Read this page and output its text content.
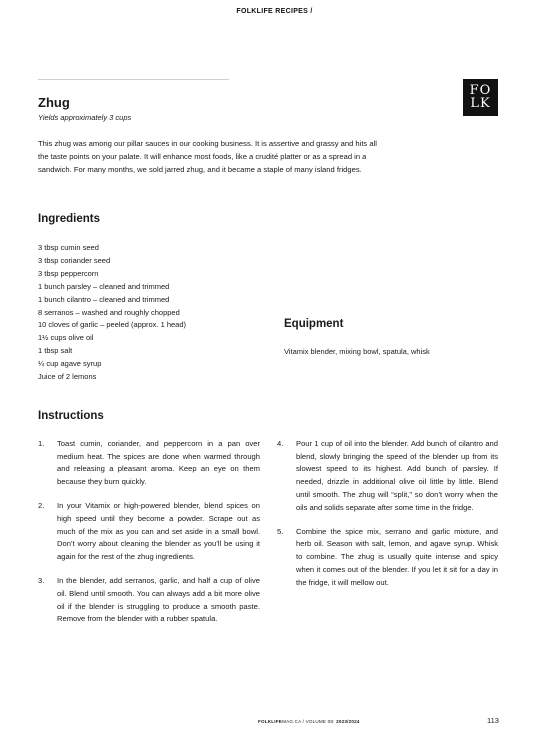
FOLKLIFE RECIPES /
FO
LK
Zhug
Yields approximately 3 cups

This zhug was among our pillar sauces in our cooking business. It is assertive and grassy and hits all the taste points on your palate. It will enhance most foods, like a crudité platter or as a spread in a sandwich. For many months, we sold jarred zhug, and it became a staple of many island fridges.

Ingredients
3 tbsp cumin seed
3 tbsp coriander seed
3 tbsp peppercorn
1 bunch parsley – cleaned and trimmed
1 bunch cilantro – cleaned and trimmed
8 serranos – washed and roughly chopped
10 cloves of garlic – peeled (approx. 1 head)
1½ cups olive oil
1 tbsp salt
¼ cup agave syrup
Juice of 2 lemons
Equipment
Vitamix blender, mixing bowl, spatula, whisk
Instructions
1. Toast cumin, coriander, and peppercorn in a pan over medium heat. The spices are done when warmed through and releasing a pleasant aroma. Keep an eye on them because they burn quickly.
2. In your Vitamix or high-powered blender, blend spices on high speed until they become a powder. Scrape out as much of the mix as you can and set aside in a small bowl. Don’t worry about cleaning the blender as you’ll be using it again for the rest of the zhug ingredients.
3. In the blender, add serranos, garlic, and half a cup of olive oil. Blend until smooth. You can always add a bit more olive oil if the blender is struggling to produce a smooth paste. Remove from the blender with a rubber spatula.
4. Pour 1 cup of oil into the blender. Add bunch of cilantro and blend, slowly bringing the speed of the blender up from its slowest speed to its highest. Add bunch of parsley. If needed, drizzle in additional olive oil little by little. Blend until smooth. The zhug will “split,” so don’t worry when the oils and solids separate after some time in the fridge.
5. Combine the spice mix, serrano and garlic mixture, and herb oil. Season with salt, lemon, and agave syrup. Whisk to combine. The zhug is usually quite intense and spicy when it comes out of the blender. If you let it sit for a day in the fridge, it will mellow out.
FOLKLIFEMAG.CA / VOLUME 08: 2023/2024	113
